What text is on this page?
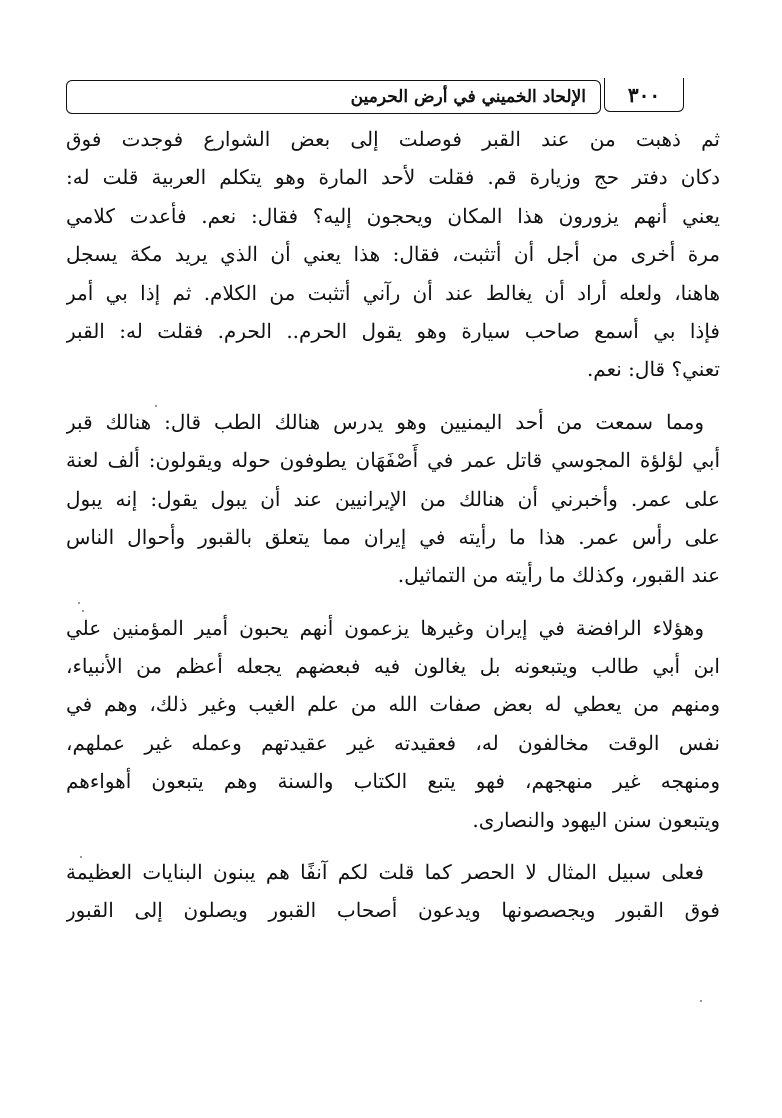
الإلحاد الخميني في أرض الحرمين ٣٠٠
ثم ذهبت من عند القبر فوصلت إلى بعض الشوارع فوجدت فوق
دكان دفتر حج وزيارة قم. فقلت لأحد المارة وهو يتكلم العربية قلت له:
يعني أنهم يزورون هذا المكان ويحجون إليه؟ فقال: نعم. فأعدت كلامي
مرة أخرى من أجل أن أتثبت، فقال: هذا يعني أن الذي يريد مكة يسجل
هاهنا، ولعله أراد أن يغالط عند أن رآني أتثبت من الكلام. ثم إذا بي أمر
فإذا بي أسمع صاحب سيارة وهو يقول الحرم.. الحرم. فقلت له: القبر
تعني؟ قال: نعم.
ومما سمعت من أحد اليمنيين وهو يدرس هنالك الطب قال: هنالك قبر
أبي لؤلؤة المجوسي قاتل عمر في أَصْفَهَان يطوفون حوله ويقولون: ألف لعنة
على عمر. وأخبرني أن هنالك من الإيرانيين عند أن يبول يقول: إنه يبول
على رأس عمر. هذا ما رأيته في إيران مما يتعلق بالقبور وأحوال الناس
عند القبور، وكذلك ما رأيته من التماثيل.
وهؤلاء الرافضة في إيران وغيرها يزعمون أنهم يحبون أمير المؤمنين علي
ابن أبي طالب ويتبعونه بل يغالون فيه فبعضهم يجعله أعظم من الأنبياء،
ومنهم من يعطي له بعض صفات الله من علم الغيب وغير ذلك، وهم في
نفس الوقت مخالفون له، فعقيدته غير عقيدتهم وعمله غير عملهم،
ومنهجه غير منهجهم، فهو يتبع الكتاب والسنة وهم يتبعون أهواءهم
ويتبعون سنن اليهود والنصارى.
فعلى سبيل المثال لا الحصر كما قلت لكم آنفًا هم يبنون البنايات العظيمة
فوق القبور ويجصصونها ويدعون أصحاب القبور ويصلون إلى القبور
